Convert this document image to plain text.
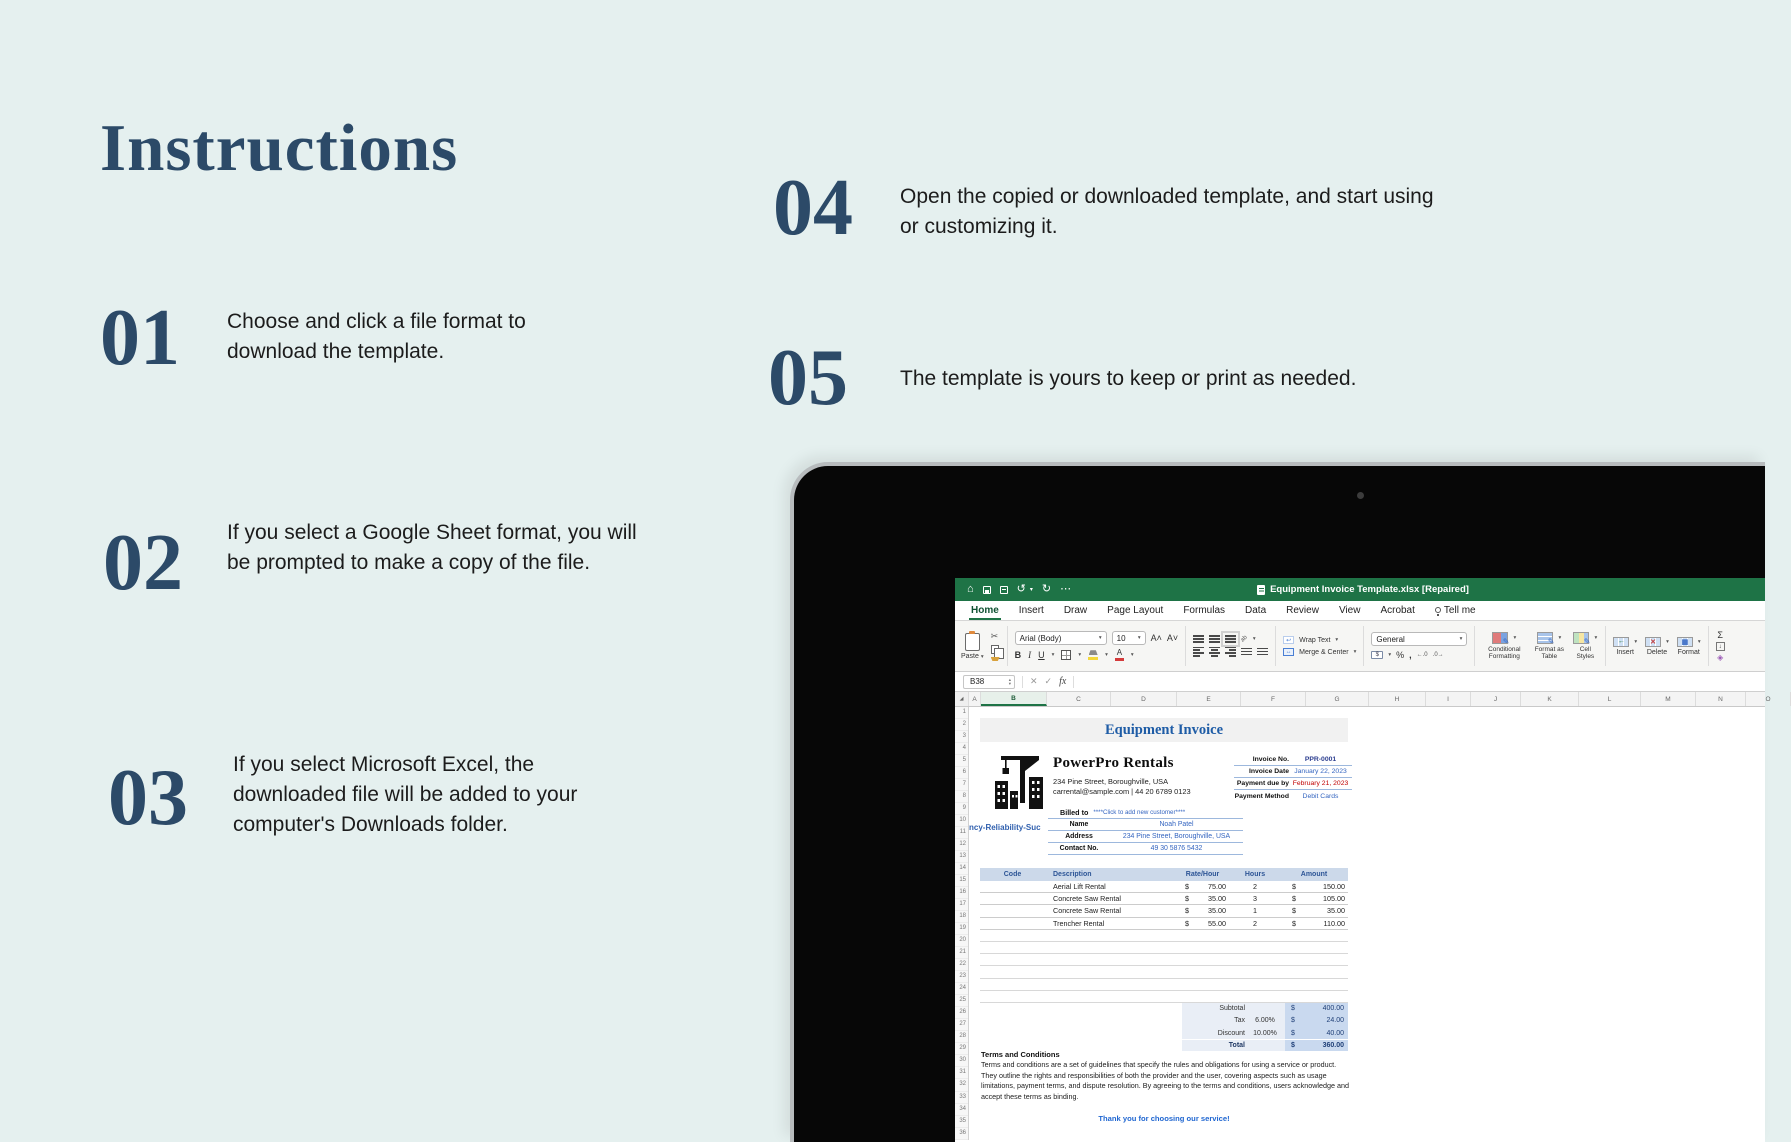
Instructions
01 Choose and click a file format to download the template.
02 If you select a Google Sheet format, you will be prompted to make a copy of the file.
03 If you select Microsoft Excel, the downloaded file will be added to your computer's Downloads folder.
04 Open the copied or downloaded template, and start using or customizing it.
05 The template is yours to keep or print as needed.
⌂	↺ ▾ ↻ ⋯	Equipment Invoice Template.xlsx [Repaired]
Home	Insert	Draw	Page Layout	Formulas	Data	Review	View	Acrobat	Tell me
Paste ▾
✂	Arial (Body)	▾ 10 ▾ A˄ A˅
B I U ▾	▾	▾ A ▾
ab ▾	↩	Wrap Text ▾
↔	Merge & Center ▾
General	▾
$	▾ % , ←.0 .0→
✎
▾
Conditional Formatting
✎
▾
Format as Table
✎
▾
Cell Styles
←	▾
Insert
✕	▾
Delete
▦	▾
Format
Σ
↓
◈
B38	▴
▾ ✕ ✓ fx
◢	A	B	C	D	E	F	G	H	I	J	K	L	M	N	O
1
2
3
4
5
6
7
8
9
10
11
12
13
14
15
16
17
18
19
20
21
22
23
24
25
26
27
28
29
30
31
32
33
34
35
36
Equipment Invoice
PowerPro Rentals
234 Pine Street, Boroughville, USA
carrental@sample.com | 44 20 6789 0123
Invoice No.	PPR-0001
Invoice Date January 22, 2023
Payment due by February 21, 2023
Payment Method	Debit Cards
Billed to ****Click to add new customer****
Name	Noah Patel
Address	234 Pine Street, Boroughville, USA
Contact No.	49 30 5876 5432
ncy-Reliability-Suc
Code	Description	Rate/Hour	Hours	Amount
Aerial Lift Rental	$	75.00	2	$	150.00
Concrete Saw Rental	$	35.00	3	$	105.00
Concrete Saw Rental	$	35.00	1	$	35.00
Trencher Rental	$	55.00	2	$	110.00
Subtotal	$	400.00
Tax	6.00%	$	24.00
Discount	10.00%	$	40.00
Total	$	360.00
Terms and Conditions
Terms and conditions are a set of guidelines that specify the rules and obligations for using a service or product. They outline the rights and responsibilities of both the provider and the user, covering aspects such as usage limitations, payment terms, and dispute resolution. By agreeing to the terms and conditions, users acknowledge and accept these terms as binding.
Thank you for choosing our service!
